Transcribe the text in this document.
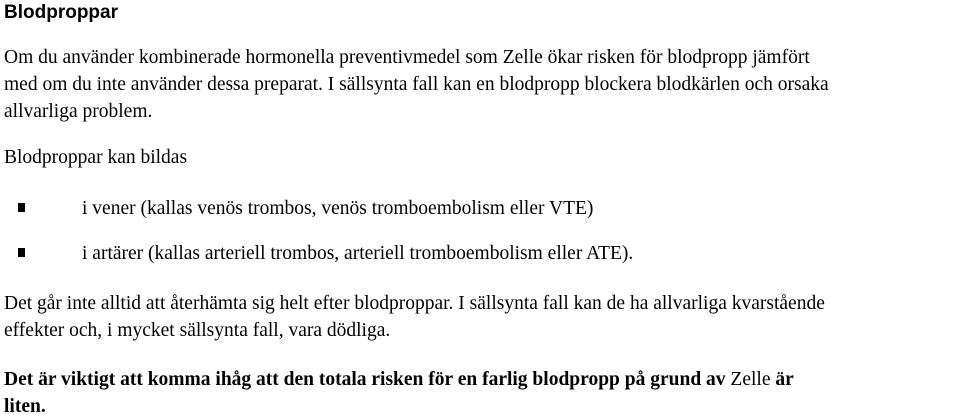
Blodproppar

Om du använder kombinerade hormonella preventivmedel som Zelle ökar risken för blodpropp jämfört
med om du inte använder dessa preparat. I sällsynta fall kan en blodpropp blockera blodkärlen och orsaka
allvarliga problem.

Blodproppar kan bildas

i vener (kallas venös trombos, venös tromboembolism eller VTE)
i artärer (kallas arteriell trombos, arteriell tromboembolism eller ATE).

Det går inte alltid att återhämta sig helt efter blodproppar. I sällsynta fall kan de ha allvarliga kvarstående
effekter och, i mycket sällsynta fall, vara dödliga.

Det är viktigt att komma ihåg att den totala risken för en farlig blodpropp på grund av Zelle är
liten.
